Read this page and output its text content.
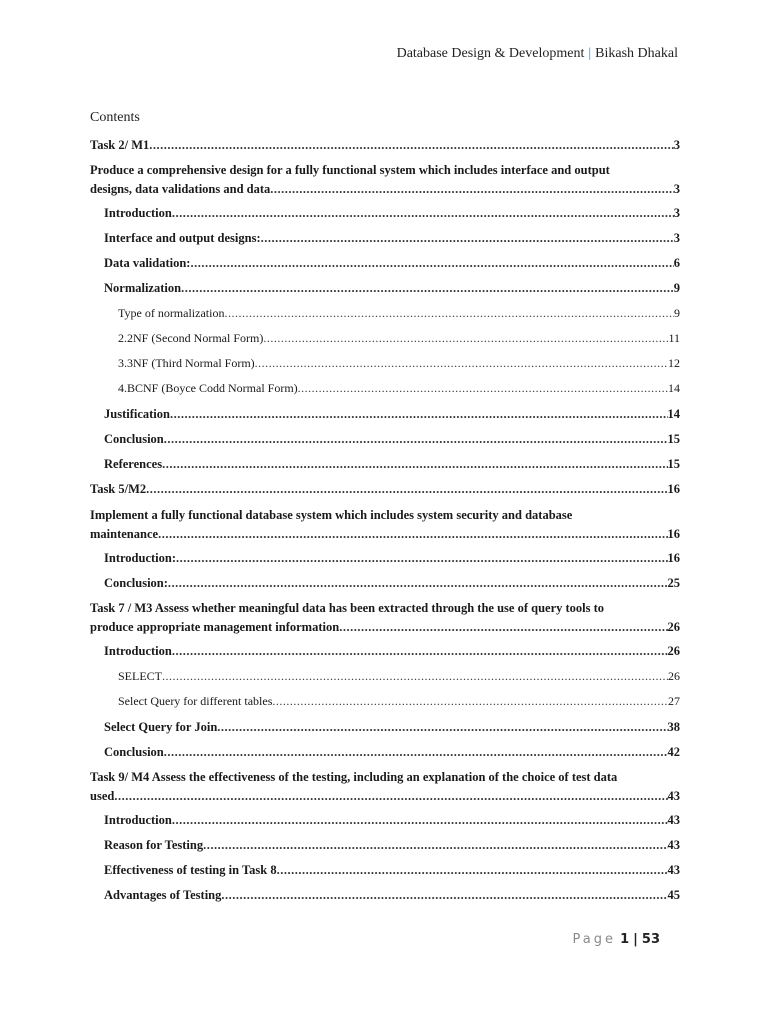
Database Design & Development | Bikash Dhakal
Contents
Task 2/ M1 .....	3
Produce a comprehensive design for a fully functional system which includes interface and output
designs, data validations and data .....	3
Introduction .....	3
Interface and output designs: .....	3
Data validation: .....	6
Normalization .....	9
Type of normalization .....	9
2.2NF (Second Normal Form) .....	11
3.3NF (Third Normal Form) .....	12
4.BCNF (Boyce Codd Normal Form) .....	14
Justification .....	14
Conclusion .....	15
References .....	15
Task 5/M2 .....	16
Implement a fully functional database system which includes system security and database
maintenance .....	16
Introduction: .....	16
Conclusion: .....	25
Task 7 / M3 Assess whether meaningful data has been extracted through the use of query tools to
produce appropriate management information .....	26
Introduction .....	26
SELECT .....	26
Select Query for different tables .....	27
Select Query for Join .....	38
Conclusion .....	42
Task 9/ M4 Assess the effectiveness of the testing, including an explanation of the choice of test data
used .....	43
Introduction .....	43
Reason for Testing .....	43
Effectiveness of testing in Task 8 .....	43
Advantages of Testing .....	45
Page 1 | 53
